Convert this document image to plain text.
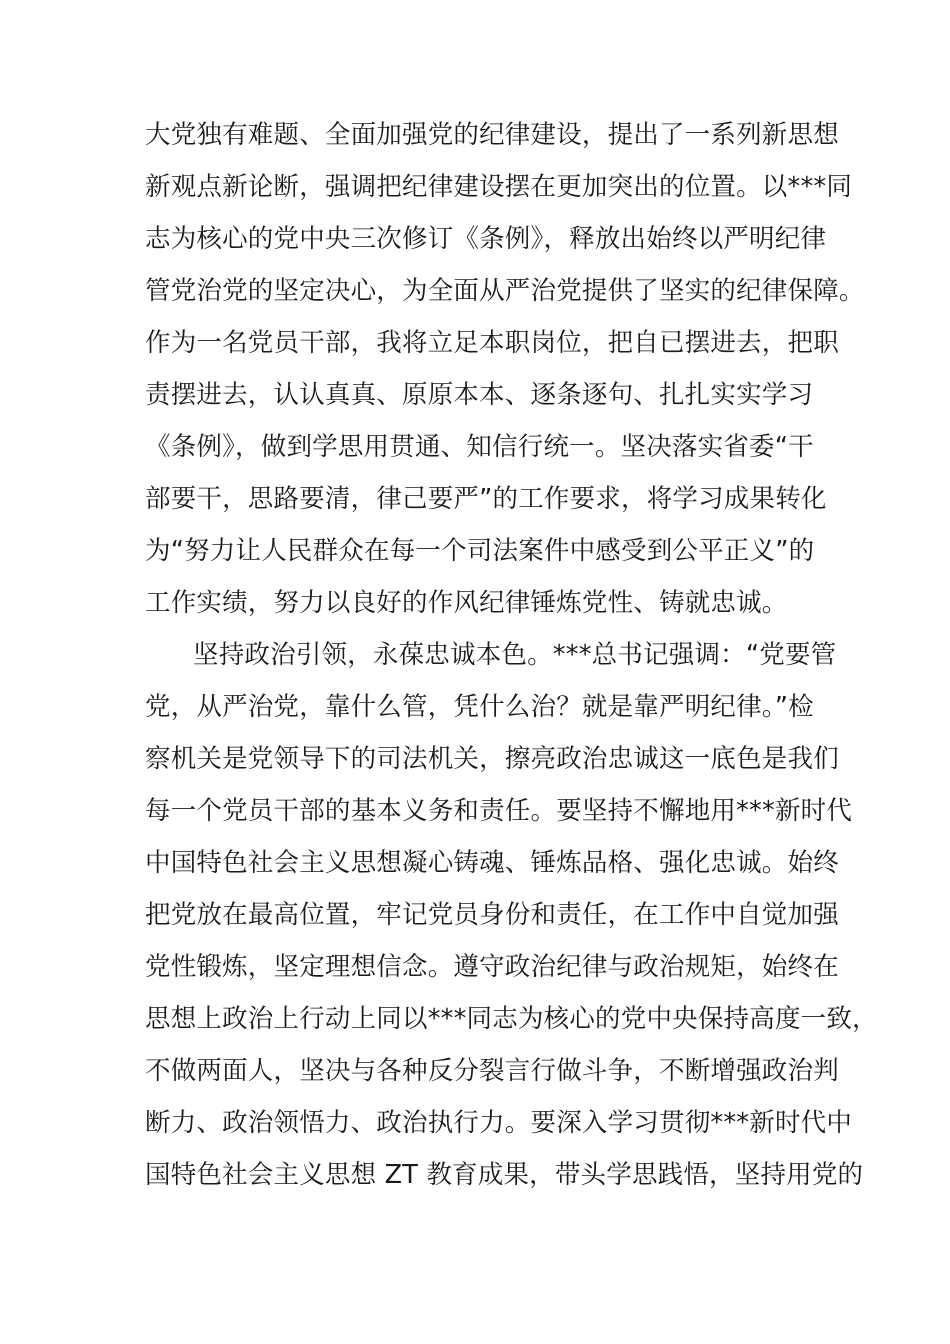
大党独有难题、全面加强党的纪律建设，提出了一系列新思想
新观点新论断，强调把纪律建设摆在更加突出的位置。以***同
志为核心的党中央三次修订《条例》，释放出始终以严明纪律
管党治党的坚定决心，为全面从严治党提供了坚实的纪律保障。
作为一名党员干部，我将立足本职岗位，把自已摆进去，把职
责摆进去，认认真真、原原本本、逐条逐句、扎扎实实学习
《条例》，做到学思用贯通、知信行统一。坚决落实省委“干
部要干，思路要清，律己要严”的工作要求，将学习成果转化
为“努力让人民群众在每一个司法案件中感受到公平正义”的
工作实绩，努力以良好的作风纪律锤炼党性、铸就忠诚。
坚持政治引领，永葆忠诚本色。***总书记强调：“党要管
党，从严治党，靠什么管，凭什么治？就是靠严明纪律。”检
察机关是党领导下的司法机关，擦亮政治忠诚这一底色是我们
每一个党员干部的基本义务和责任。要坚持不懈地用***新时代
中国特色社会主义思想凝心铸魂、锤炼品格、强化忠诚。始终
把党放在最高位置，牢记党员身份和责任，在工作中自觉加强
党性锻炼，坚定理想信念。遵守政治纪律与政治规矩，始终在
思想上政治上行动上同以***同志为核心的党中央保持高度一致，
不做两面人，坚决与各种反分裂言行做斗争，不断增强政治判
断力、政治领悟力、政治执行力。要深入学习贯彻***新时代中
国特色社会主义思想 ZT 教育成果，带头学思践悟，坚持用党的
